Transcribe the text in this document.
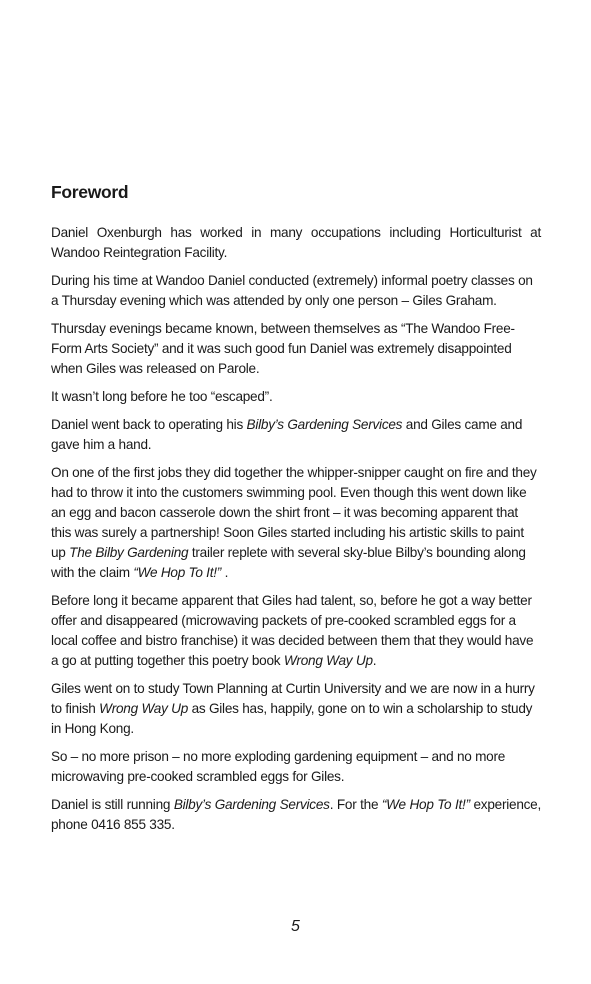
Foreword

Daniel Oxenburgh has worked in many occupations including Horticulturist at Wandoo Reintegration Facility.

During his time at Wandoo Daniel conducted (extremely) informal poetry classes on a Thursday evening which was attended by only one person – Giles Graham.

Thursday evenings became known, between themselves as “The Wandoo Free-Form Arts Society” and it was such good fun Daniel was extremely disappointed when Giles was released on Parole.

It wasn’t long before he too “escaped”.

Daniel went back to operating his Bilby’s Gardening Services and Giles came and gave him a hand.

On one of the first jobs they did together the whipper-snipper caught on fire and they had to throw it into the customers swimming pool. Even though this went down like an egg and bacon casserole down the shirt front – it was becoming apparent that this was surely a partnership! Soon Giles started including his artistic skills to paint up The Bilby Gardening trailer replete with several sky-blue Bilby’s bounding along with the claim “We Hop To It!” .

Before long it became apparent that Giles had talent, so, before he got a way better offer and disappeared (microwaving packets of pre-cooked scrambled eggs for a local coffee and bistro franchise) it was decided between them that they would have a go at putting together this poetry book Wrong Way Up.

Giles went on to study Town Planning at Curtin University and we are now in a hurry to finish Wrong Way Up as Giles has, happily, gone on to win a scholarship to study in Hong Kong.

So – no more prison – no more exploding gardening equipment – and no more microwaving pre-cooked scrambled eggs for Giles.

Daniel is still running Bilby’s Gardening Services. For the “We Hop To It!” experience, phone 0416 855 335.

5
